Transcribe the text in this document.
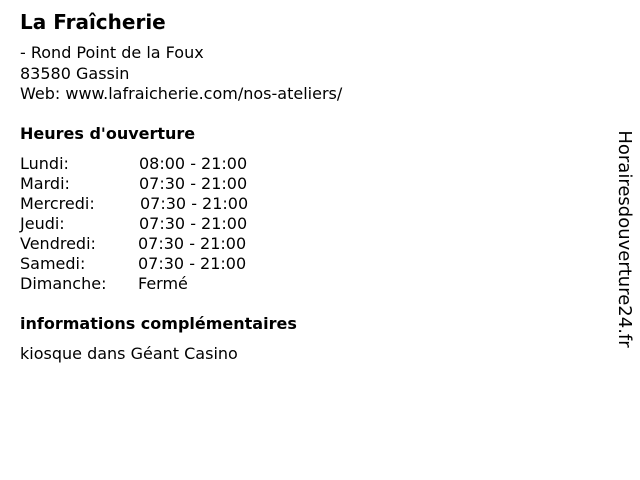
La Fraîcherie
- Rond Point de la Foux
83580 Gassin
Web: www.lafraicherie.com/nos-ateliers/
Heures d'ouverture
Lundi:	08:00 - 21:00
Mardi:	07:30 - 21:00
Mercredi:	07:30 - 21:00
Jeudi:	07:30 - 21:00
Vendredi:	07:30 - 21:00
Samedi:	07:30 - 21:00
Dimanche: Fermé
informations complémentaires
kiosque dans Géant Casino
Horairesdouverture24.fr
